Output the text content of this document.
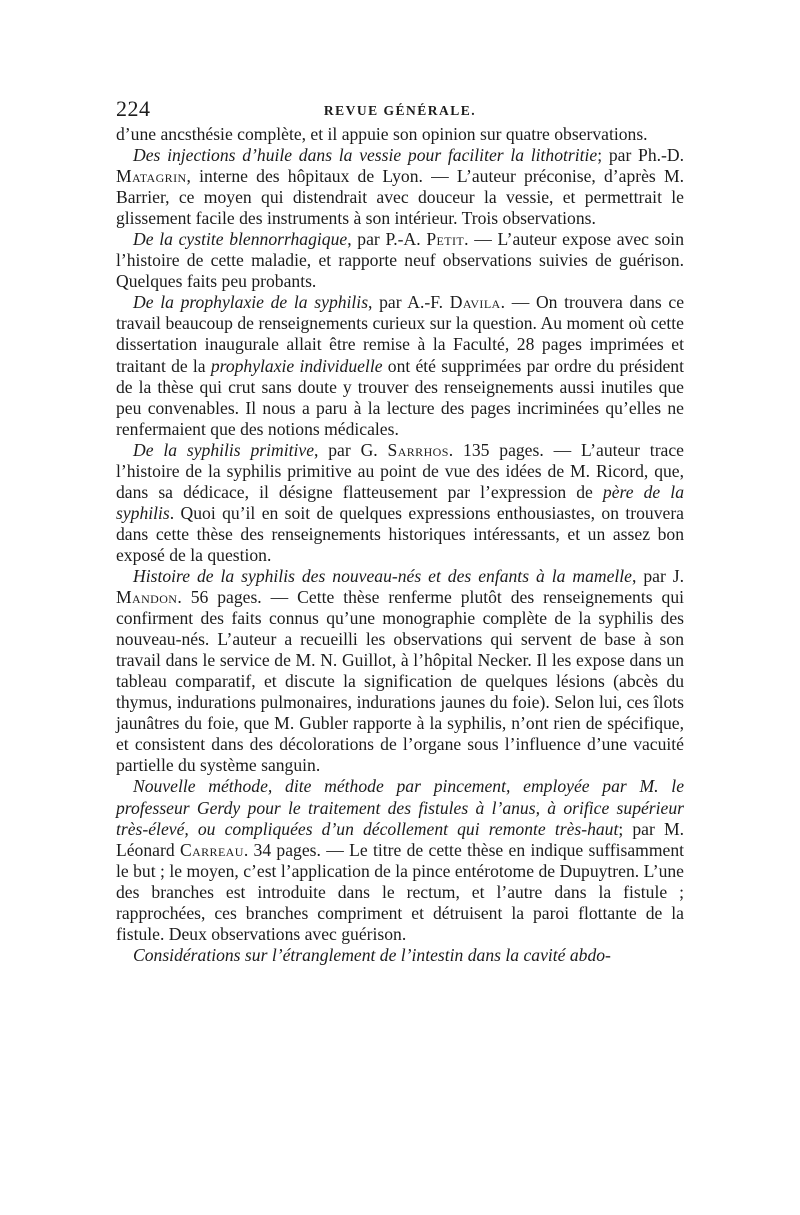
224	REVUE GÉNÉRALE.

d’une ancsthésie complète, et il appuie son opinion sur quatre observations.

Des injections d’huile dans la vessie pour faciliter la lithotritie; par Ph.-D. Matagrin, interne des hôpitaux de Lyon. — L’auteur préconise, d’après M. Barrier, ce moyen qui distendrait avec douceur la vessie, et permettrait le glissement facile des instruments à son intérieur. Trois observations.

De la cystite blennorrhagique, par P.-A. Petit. — L’auteur expose avec soin l’histoire de cette maladie, et rapporte neuf observations suivies de guérison. Quelques faits peu probants.

De la prophylaxie de la syphilis, par A.-F. Davila. — On trouvera dans ce travail beaucoup de renseignements curieux sur la question. Au moment où cette dissertation inaugurale allait être remise à la Faculté, 28 pages imprimées et traitant de la prophylaxie individuelle ont été supprimées par ordre du président de la thèse qui crut sans doute y trouver des renseignements aussi inutiles que peu convenables. Il nous a paru à la lecture des pages incriminées qu’elles ne renfermaient que des notions médicales.

De la syphilis primitive, par G. Sarrhos. 135 pages. — L’auteur trace l’histoire de la syphilis primitive au point de vue des idées de M. Ricord, que, dans sa dédicace, il désigne flatteusement par l’expression de père de la syphilis. Quoi qu’il en soit de quelques expressions enthousiastes, on trouvera dans cette thèse des renseignements historiques intéressants, et un assez bon exposé de la question.

Histoire de la syphilis des nouveau-nés et des enfants à la mamelle, par J. Mandon. 56 pages. — Cette thèse renferme plutôt des renseignements qui confirment des faits connus qu’une monographie complète de la syphilis des nouveau-nés. L’auteur a recueilli les observations qui servent de base à son travail dans le service de M. N. Guillot, à l’hôpital Necker. Il les expose dans un tableau comparatif, et discute la signification de quelques lésions (abcès du thymus, indurations pulmonaires, indurations jaunes du foie). Selon lui, ces îlots jaunâtres du foie, que M. Gubler rapporte à la syphilis, n’ont rien de spécifique, et consistent dans des décolorations de l’organe sous l’influence d’une vacuité partielle du système sanguin.

Nouvelle méthode, dite méthode par pincement, employée par M. le professeur Gerdy pour le traitement des fistules à l’anus, à orifice supérieur très-élevé, ou compliquées d’un décollement qui remonte très-haut; par M. Léonard Carreau. 34 pages. — Le titre de cette thèse en indique suffisamment le but ; le moyen, c’est l’application de la pince entérotome de Dupuytren. L’une des branches est introduite dans le rectum, et l’autre dans la fistule ; rapprochées, ces branches compriment et détruisent la paroi flottante de la fistule. Deux observations avec guérison.

Considérations sur l’étranglement de l’intestin dans la cavité abdo-
